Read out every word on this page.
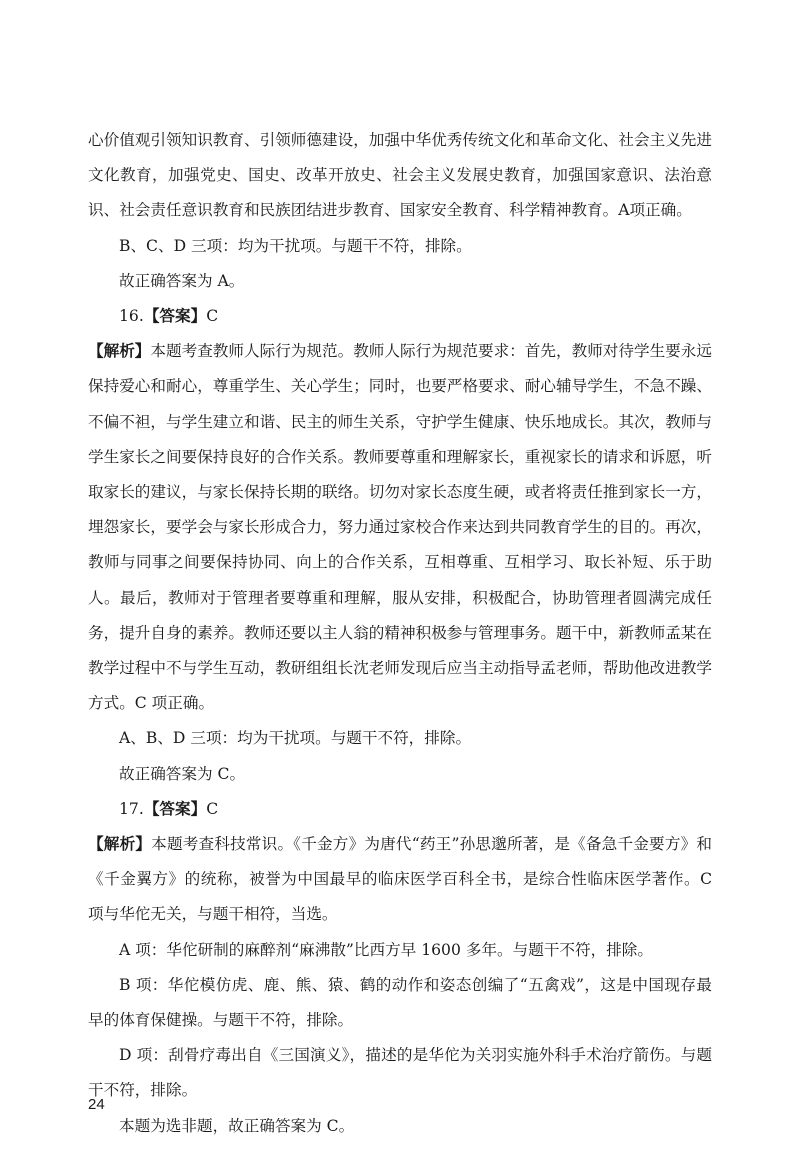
心价值观引领知识教育、引领师德建设，加强中华优秀传统文化和革命文化、社会主义先进文化教育，加强党史、国史、改革开放史、社会主义发展史教育，加强国家意识、法治意识、社会责任意识教育和民族团结进步教育、国家安全教育、科学精神教育。A项正确。

B、C、D 三项：均为干扰项。与题干不符，排除。

故正确答案为 A。

16.【答案】C

【解析】本题考查教师人际行为规范。教师人际行为规范要求：首先，教师对待学生要永远保持爱心和耐心，尊重学生、关心学生；同时，也要严格要求、耐心辅导学生，不急不躁、不偏不袒，与学生建立和谐、民主的师生关系，守护学生健康、快乐地成长。其次，教师与学生家长之间要保持良好的合作关系。教师要尊重和理解家长，重视家长的请求和诉愿，听取家长的建议，与家长保持长期的联络。切勿对家长态度生硬，或者将责任推到家长一方，埋怨家长，要学会与家长形成合力，努力通过家校合作来达到共同教育学生的目的。再次，教师与同事之间要保持协同、向上的合作关系，互相尊重、互相学习、取长补短、乐于助人。最后，教师对于管理者要尊重和理解，服从安排，积极配合，协助管理者圆满完成任务，提升自身的素养。教师还要以主人翁的精神积极参与管理事务。题干中，新教师孟某在教学过程中不与学生互动，教研组组长沈老师发现后应当主动指导孟老师，帮助他改进教学方式。C 项正确。

A、B、D 三项：均为干扰项。与题干不符，排除。

故正确答案为 C。

17.【答案】C

【解析】本题考查科技常识。《千金方》为唐代“药王”孙思邈所著，是《备急千金要方》和《千金翼方》的统称，被誉为中国最早的临床医学百科全书，是综合性临床医学著作。C 项与华佗无关，与题干相符，当选。

A 项：华佗研制的麻醉剂“麻沸散”比西方早 1600 多年。与题干不符，排除。

B 项：华佗模仿虎、鹿、熊、猿、鹤的动作和姿态创编了“五禽戏”，这是中国现存最早的体育保健操。与题干不符，排除。

D 项：刮骨疗毒出自《三国演义》，描述的是华佗为关羽实施外科手术治疗箭伤。与题干不符，排除。

本题为选非题，故正确答案为 C。

24
